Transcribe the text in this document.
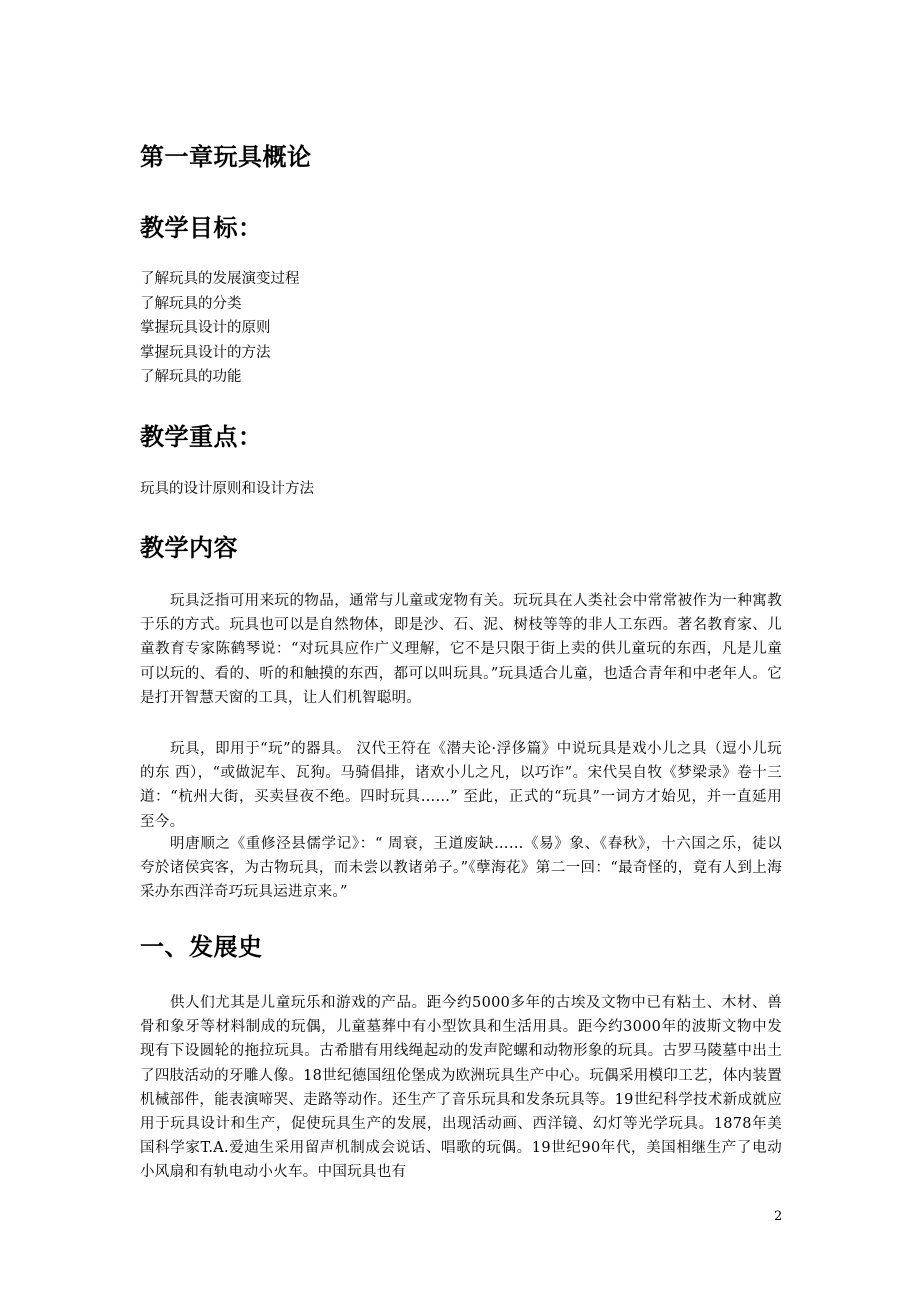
第一章玩具概论
教学目标：
了解玩具的发展演变过程
了解玩具的分类
掌握玩具设计的原则
掌握玩具设计的方法
了解玩具的功能
教学重点：
玩具的设计原则和设计方法
教学内容
玩具泛指可用来玩的物品，通常与儿童或宠物有关。玩玩具在人类社会中常常被作为一种寓教于乐的方式。玩具也可以是自然物体，即是沙、石、泥、树枝等等的非人工东西。著名教育家、儿童教育专家陈鹤琴说：“对玩具应作广义理解，它不是只限于街上卖的供儿童玩的东西，凡是儿童可以玩的、看的、听的和触摸的东西，都可以叫玩具。”玩具适合儿童，也适合青年和中老年人。它是打开智慧天窗的工具，让人们机智聪明。
玩具，即用于“玩”的器具。 汉代王符在《潜夫论·浮侈篇》中说玩具是戏小儿之具（逗小儿玩的东 西），“或做泥车、瓦狗。马骑倡排，诸欢小儿之凡，以巧诈”。宋代吴自牧《梦梁录》卷十三道：“杭州大街，买卖昼夜不绝。四时玩具……” 至此，正式的“玩具”一词方才始见，并一直延用至今。
明唐顺之《重修泾县儒学记》：“ 周衰，王道废缺……《易》象、《春秋》，十六国之乐，徒以夸於诸侯宾客，为古物玩具，而未尝以教诸弟子。”《孽海花》第二一回：“最奇怪的，竟有人到上海采办东西洋奇巧玩具运进京来。”
一、发展史
供人们尤其是儿童玩乐和游戏的产品。距今约5000多年的古埃及文物中已有粘土、木材、兽骨和象牙等材料制成的玩偶，儿童墓葬中有小型饮具和生活用具。距今约3000年的波斯文物中发现有下设圆轮的拖拉玩具。古希腊有用线绳起动的发声陀螺和动物形象的玩具。古罗马陵墓中出土了四肢活动的牙雕人像。18世纪德国纽伦堡成为欧洲玩具生产中心。玩偶采用模印工艺，体内装置机械部件，能表演啼哭、走路等动作。还生产了音乐玩具和发条玩具等。19世纪科学技术新成就应用于玩具设计和生产，促使玩具生产的发展，出现活动画、西洋镜、幻灯等光学玩具。1878年美国科学家T.A.爱迪生采用留声机制成会说话、唱歌的玩偶。19世纪90年代，美国相继生产了电动小风扇和有轨电动小火车。中国玩具也有
2
